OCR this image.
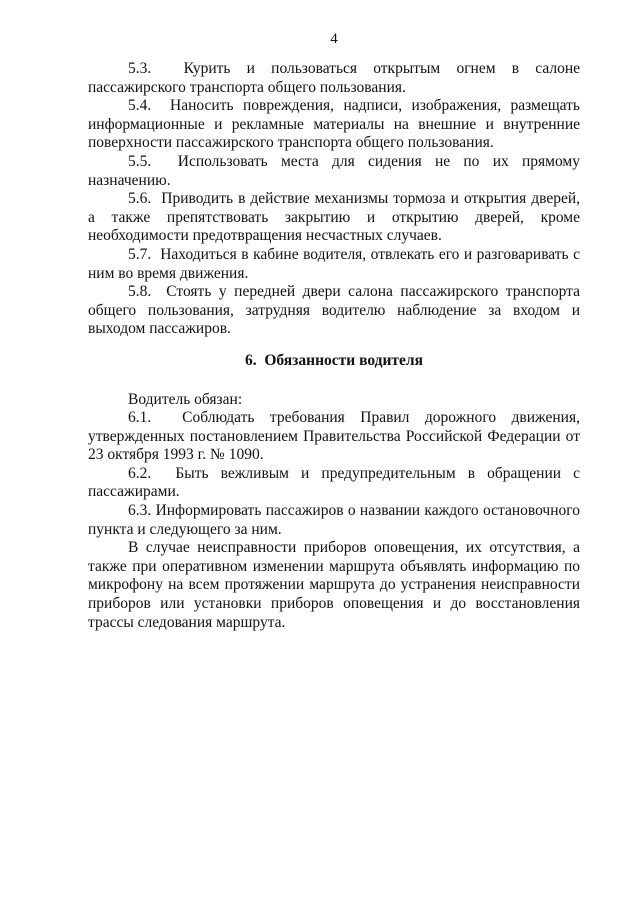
4

5.3.  Курить и пользоваться открытым огнем в салоне пассажирского транспорта общего пользования.

5.4.  Наносить повреждения, надписи, изображения, размещать информационные и рекламные материалы на внешние и внутренние поверхности пассажирского транспорта общего пользования.

5.5.  Использовать места для сидения не по их прямому назначению.

5.6.  Приводить в действие механизмы тормоза и открытия дверей, а также препятствовать закрытию и открытию дверей, кроме необходимости предотвращения несчастных случаев.

5.7.  Находиться в кабине водителя, отвлекать его и разговаривать с ним во время движения.

5.8.  Стоять у передней двери салона пассажирского транспорта общего пользования, затрудняя водителю наблюдение за входом и выходом пассажиров.

6.  Обязанности водителя

Водитель обязан:

6.1.  Соблюдать требования Правил дорожного движения, утвержденных постановлением Правительства Российской Федерации от 23 октября 1993 г. № 1090.

6.2.  Быть вежливым и предупредительным в обращении с пассажирами.

6.3. Информировать пассажиров о названии каждого остановочного пункта и следующего за ним.

В случае неисправности приборов оповещения, их отсутствия, а также при оперативном изменении маршрута объявлять информацию по микрофону на всем протяжении маршрута до устранения неисправности приборов или установки приборов оповещения и до восстановления трассы следования маршрута.
